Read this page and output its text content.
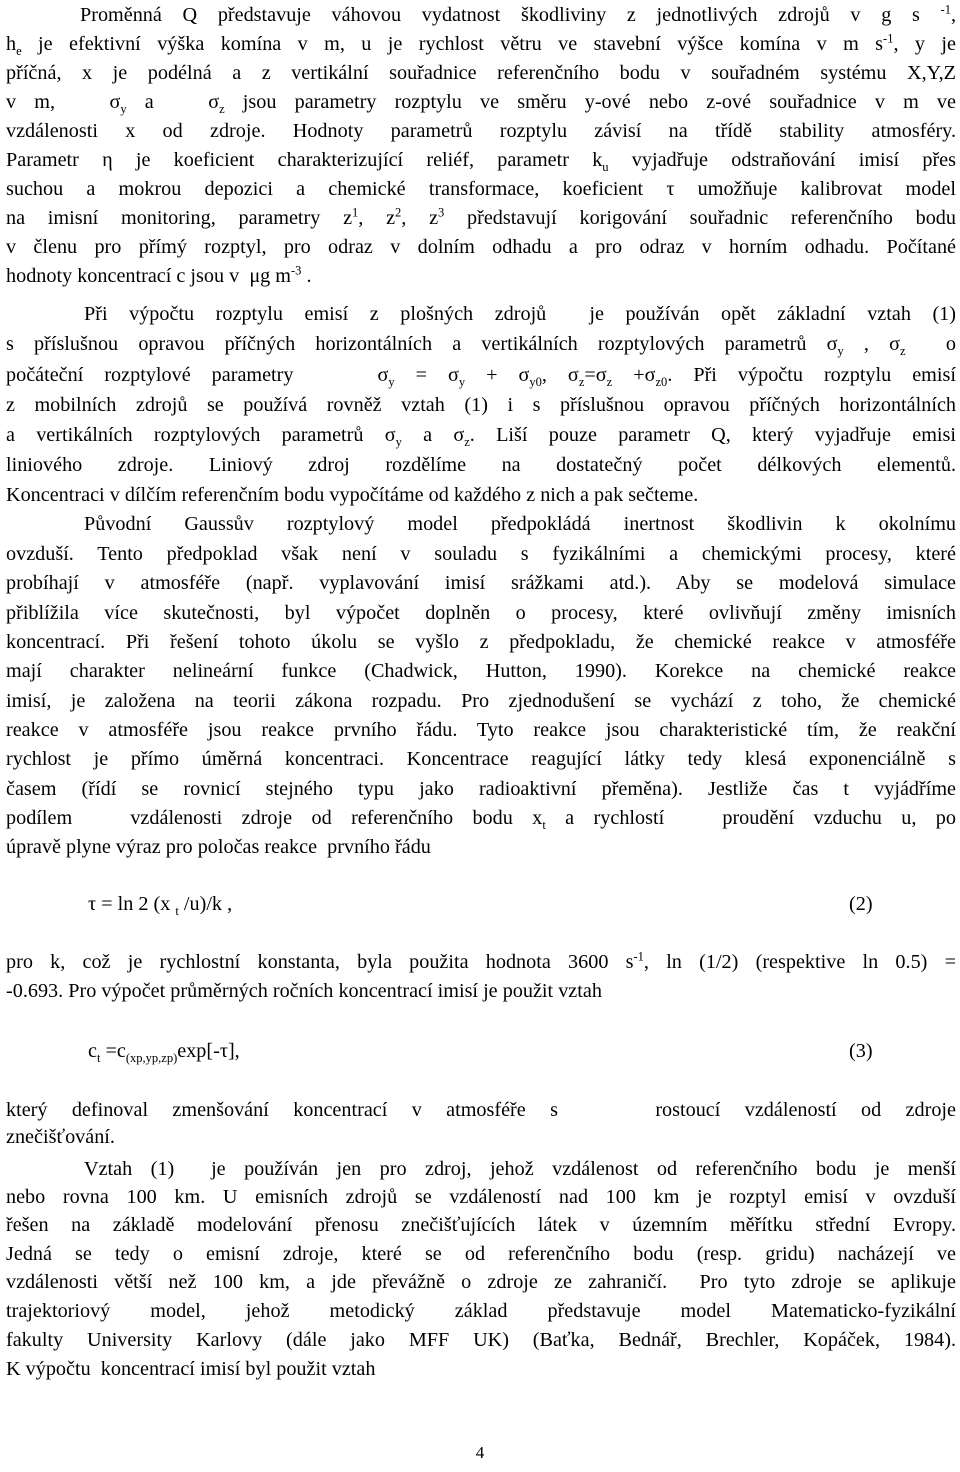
Proměnná Q představuje váhovou vydatnost škodliviny z jednotlivých zdrojů v g s $^{-1}$,
$h_e$ je efektivní výška komína v m, u je rychlost větru ve stavební výšce komína v m $s^{-1}$, y je
příčná, x je podélná a z vertikální souřadnice referenčního bodu v souřadném systému X,Y,Z
v m,   $\sigma_y$ a   $\sigma_z$ jsou parametry rozptylu ve směru y-ové nebo z-ové souřadnice v m ve
vzdálenosti x od zdroje. Hodnoty parametrů rozptylu závisí na třídě stability atmosféry.
Parametr η je koeficient charakterizující reliéf, parametr $k_u$ vyjadřuje odstraňování imisí přes
suchou a mokrou depozici a chemické transformace, koeficient τ umožňuje kalibrovat model
na imisní monitoring, parametry $z^1$, $z^2$, $z^3$ představují korigování souřadnic referenčního bodu
v členu pro přímý rozptyl, pro odraz v dolním odhadu a pro odraz v horním odhadu. Počítané
hodnoty koncentrací c jsou v  μg $m^{-3}$ .
Při výpočtu rozptylu emisí z plošných zdrojů  je používán opět základní vztah (1)
s příslušnou opravou příčných horizontálních a vertikálních rozptylových parametrů $\sigma_y$ , $\sigma_z$  o
počáteční rozptylové parametry    $\sigma_y = \sigma_y + \sigma_{y0}$, $\sigma_z=\sigma_z +\sigma_{z0}$. Při výpočtu rozptylu emisí
z mobilních zdrojů se používá rovněž vztah (1) i s příslušnou opravou příčných horizontálních
a vertikálních rozptylových parametrů $\sigma_y$ a $\sigma_z$. Liší pouze parametr Q, který vyjadřuje emisi
liniového zdroje. Liniový zdroj rozdělíme na dostatečný počet délkových elementů.
Koncentraci v dílčím referenčním bodu vypočítáme od každého z nich a pak sečteme.
Původní Gaussův rozptylový model předpokládá inertnost škodlivin k okolnímu
ovzduší. Tento předpoklad však není v souladu s fyzikálními a chemickými procesy, které
probíhají v atmosféře (např. vyplavování imisí srážkami atd.). Aby se modelová simulace
přiblížila více skutečnosti, byl výpočet doplněn o procesy, které ovlivňují změny imisních
koncentrací. Při řešení tohoto úkolu se vyšlo z předpokladu, že chemické reakce v atmosféře
mají charakter nelineární funkce (Chadwick, Hutton, 1990). Korekce na chemické reakce
imisí, je založena na teorii zákona rozpadu. Pro zjednodušení se vychází z toho, že chemické
reakce v atmosféře jsou reakce prvního řádu. Tyto reakce jsou charakteristické tím, že reakční
rychlost je přímo úměrná koncentraci. Koncentrace reagující látky tedy klesá exponenciálně s
časem (řídí se rovnicí stejného typu jako radioaktivní přeměna). Jestliže čas t vyjádříme
podílem   vzdálenosti zdroje od referenčního bodu $x_t$ a rychlostí   proudění vzduchu u, po
úpravě plyne výraz pro poločas reakce  prvního řádu
pro k, což je rychlostní konstanta, byla použita hodnota 3600 $s^{-1}$, ln (1/2) (respektive ln 0.5) =
-0.693. Pro výpočet průměrných ročních koncentrací imisí je použit vztah
který definoval zmenšování koncentrací v atmosféře s    rostoucí vzdáleností od zdroje
znečišťování.
Vztah (1)  je používán jen pro zdroj, jehož vzdálenost od referenčního bodu je menší
nebo rovna 100 km. U emisních zdrojů se vzdáleností nad 100 km je rozptyl emisí v ovzduší
řešen na základě modelování přenosu znečišťujících látek v územním měřítku střední Evropy.
Jedná se tedy o emisní zdroje, které se od referenčního bodu (resp. gridu) nacházejí ve
vzdálenosti větší než 100 km, a jde převážně o zdroje ze zahraničí.  Pro tyto zdroje se aplikuje
trajektoriový model, jehož metodický základ představuje model Matematicko-fyzikální
fakulty University Karlovy (dále jako MFF UK) (Baťka, Bednář, Brechler, Kopáček, 1984).
K výpočtu  koncentrací imisí byl použit vztah
τ = ln 2 (x $_t$ /u)/k ,	(2)
$c_t =c_{(xp,yp,zp)}\exp[-\tau]$,	(3)
4
